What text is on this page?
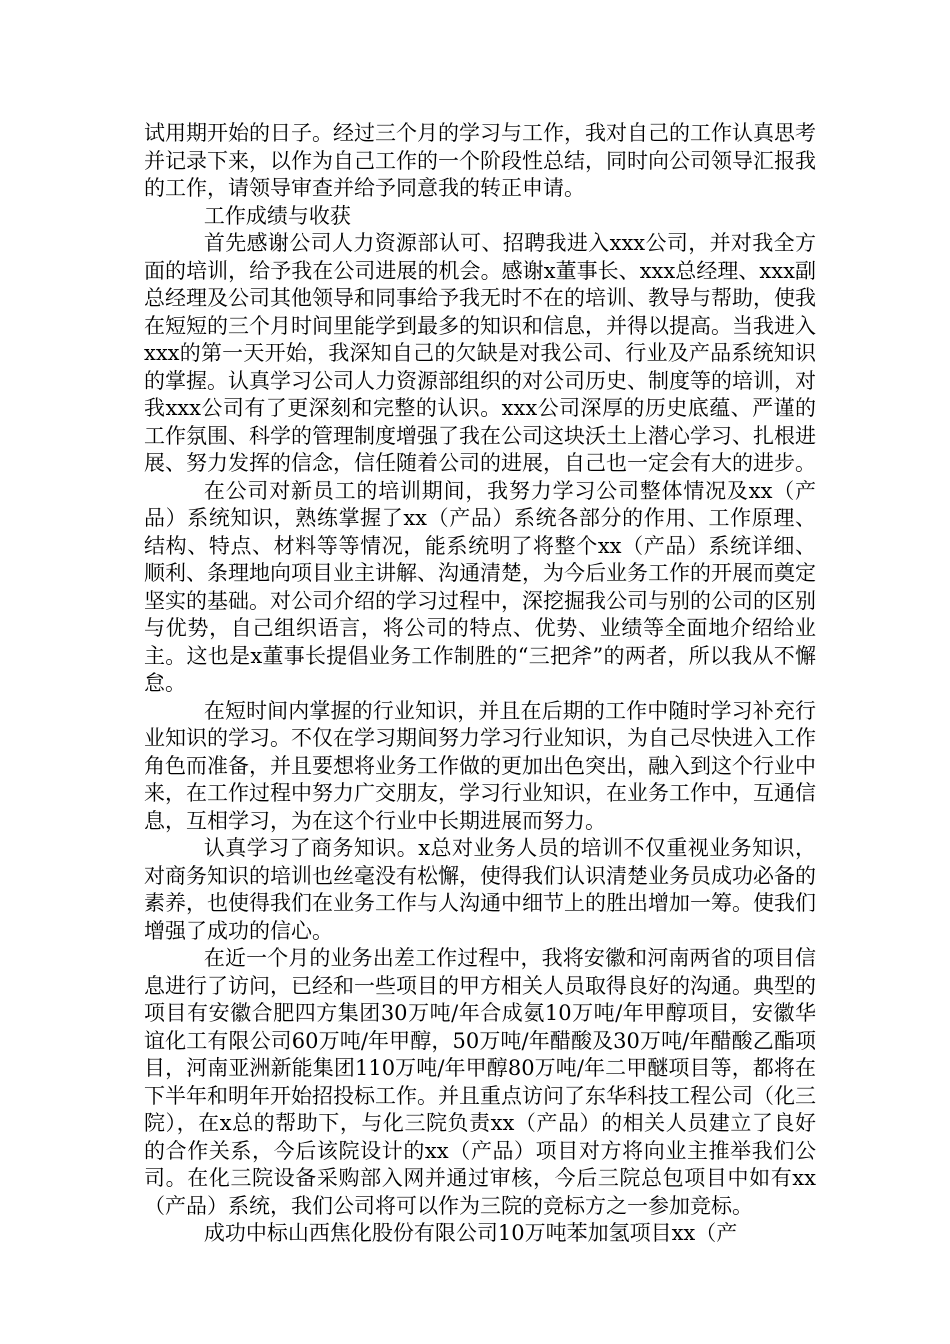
试用期开始的日子。经过三个月的学习与工作，我对自己的工作认真思考并记录下来，以作为自己工作的一个阶段性总结，同时向公司领导汇报我的工作，请领导审查并给予同意我的转正申请。

工作成绩与收获

首先感谢公司人力资源部认可、招聘我进入xxx公司，并对我全方面的培训，给予我在公司进展的机会。感谢x董事长、xxx总经理、xxx副总经理及公司其他领导和同事给予我无时不在的培训、教导与帮助，使我在短短的三个月时间里能学到最多的知识和信息，并得以提高。当我进入xxx的第一天开始，我深知自己的欠缺是对我公司、行业及产品系统知识的掌握。认真学习公司人力资源部组织的对公司历史、制度等的培训，对我xxx公司有了更深刻和完整的认识。xxx公司深厚的历史底蕴、严谨的工作氛围、科学的管理制度增强了我在公司这块沃土上潜心学习、扎根进展、努力发挥的信念，信任随着公司的进展，自己也一定会有大的进步。

在公司对新员工的培训期间，我努力学习公司整体情况及xx（产品）系统知识，熟练掌握了xx（产品）系统各部分的作用、工作原理、结构、特点、材料等等情况，能系统明了将整个xx（产品）系统详细、顺利、条理地向项目业主讲解、沟通清楚，为今后业务工作的开展而奠定坚实的基础。对公司介绍的学习过程中，深挖掘我公司与别的公司的区别与优势，自己组织语言，将公司的特点、优势、业绩等全面地介绍给业主。这也是x董事长提倡业务工作制胜的“三把斧”的两者，所以我从不懈怠。

在短时间内掌握的行业知识，并且在后期的工作中随时学习补充行业知识的学习。不仅在学习期间努力学习行业知识，为自己尽快进入工作角色而准备，并且要想将业务工作做的更加出色突出，融入到这个行业中来，在工作过程中努力广交朋友，学习行业知识，在业务工作中，互通信息，互相学习，为在这个行业中长期进展而努力。

认真学习了商务知识。x总对业务人员的培训不仅重视业务知识，对商务知识的培训也丝毫没有松懈，使得我们认识清楚业务员成功必备的素养，也使得我们在业务工作与人沟通中细节上的胜出增加一筹。使我们增强了成功的信心。

在近一个月的业务出差工作过程中，我将安徽和河南两省的项目信息进行了访问，已经和一些项目的甲方相关人员取得良好的沟通。典型的项目有安徽合肥四方集团30万吨/年合成氨10万吨/年甲醇项目，安徽华谊化工有限公司60万吨/年甲醇，50万吨/年醋酸及30万吨/年醋酸乙酯项目，河南亚洲新能集团110万吨/年甲醇80万吨/年二甲醚项目等，都将在下半年和明年开始招投标工作。并且重点访问了东华科技工程公司（化三院），在x总的帮助下，与化三院负责xx（产品）的相关人员建立了良好的合作关系，今后该院设计的xx（产品）项目对方将向业主推举我们公司。在化三院设备采购部入网并通过审核，今后三院总包项目中如有xx（产品）系统，我们公司将可以作为三院的竞标方之一参加竞标。

成功中标山西焦化股份有限公司10万吨苯加氢项目xx（产
